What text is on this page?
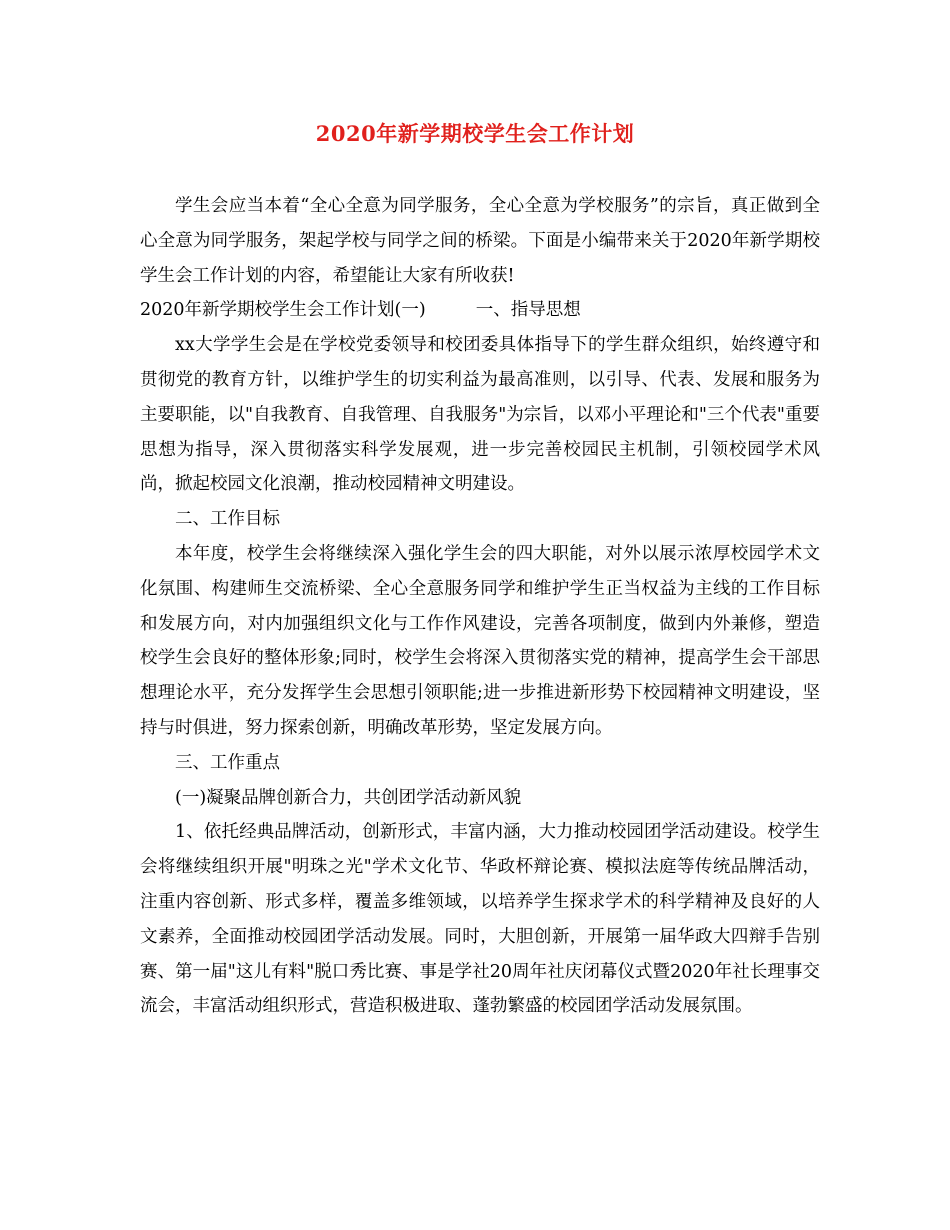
2020年新学期校学生会工作计划

学生会应当本着“全心全意为同学服务，全心全意为学校服务”的宗旨，真正做到全心全意为同学服务，架起学校与同学之间的桥梁。下面是小编带来关于2020年新学期校学生会工作计划的内容，希望能让大家有所收获!

2020年新学期校学生会工作计划(一)	一、指导思想

xx大学学生会是在学校党委领导和校团委具体指导下的学生群众组织，始终遵守和贯彻党的教育方针，以维护学生的切实利益为最高准则，以引导、代表、发展和服务为主要职能，以"自我教育、自我管理、自我服务"为宗旨，以邓小平理论和"三个代表"重要思想为指导，深入贯彻落实科学发展观，进一步完善校园民主机制，引领校园学术风尚，掀起校园文化浪潮，推动校园精神文明建设。

二、工作目标

本年度，校学生会将继续深入强化学生会的四大职能，对外以展示浓厚校园学术文化氛围、构建师生交流桥梁、全心全意服务同学和维护学生正当权益为主线的工作目标和发展方向，对内加强组织文化与工作作风建设，完善各项制度，做到内外兼修，塑造校学生会良好的整体形象;同时，校学生会将深入贯彻落实党的精神，提高学生会干部思想理论水平，充分发挥学生会思想引领职能;进一步推进新形势下校园精神文明建设，坚持与时俱进，努力探索创新，明确改革形势，坚定发展方向。

三、工作重点

(一)凝聚品牌创新合力，共创团学活动新风貌

1、依托经典品牌活动，创新形式，丰富内涵，大力推动校园团学活动建设。校学生会将继续组织开展"明珠之光"学术文化节、华政杯辩论赛、模拟法庭等传统品牌活动，注重内容创新、形式多样，覆盖多维领域，以培养学生探求学术的科学精神及良好的人文素养，全面推动校园团学活动发展。同时，大胆创新，开展第一届华政大四辩手告别赛、第一届"这儿有料"脱口秀比赛、事是学社20周年社庆闭幕仪式暨2020年社长理事交流会，丰富活动组织形式，营造积极进取、蓬勃繁盛的校园团学活动发展氛围。
